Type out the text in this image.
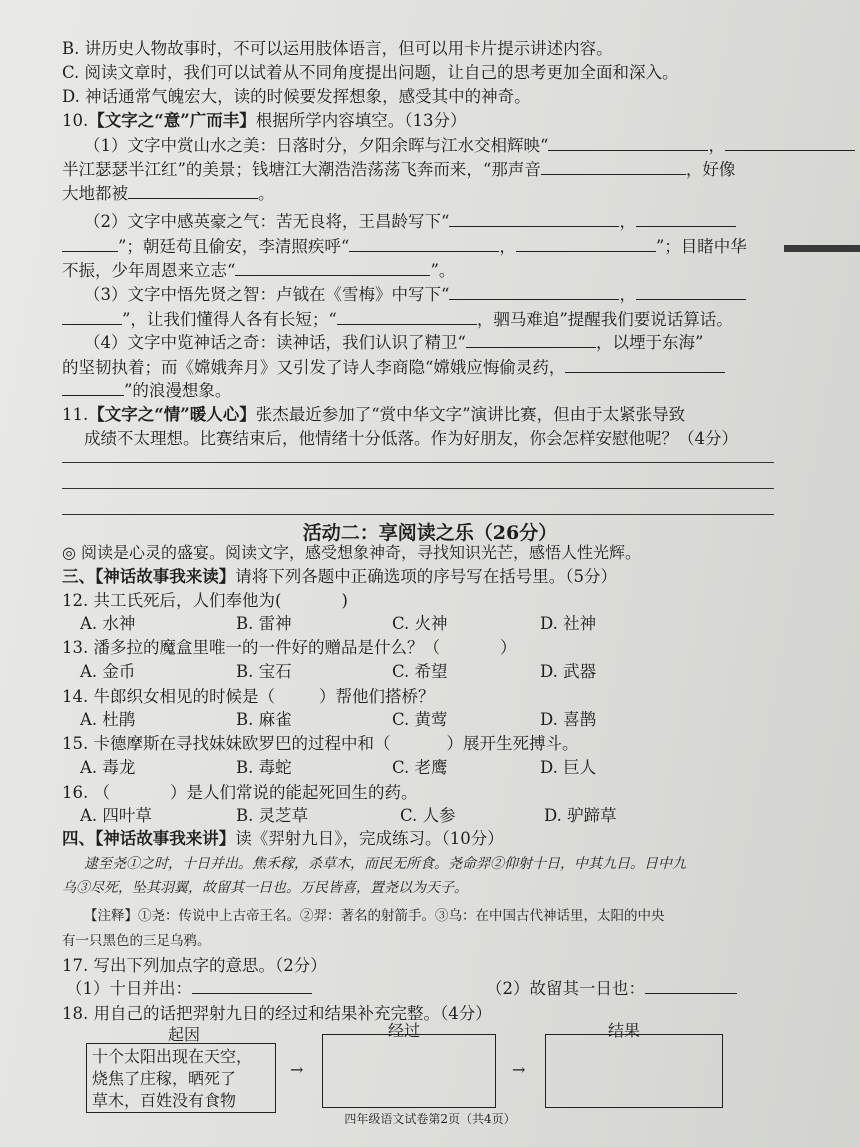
B. 讲历史人物故事时，不可以运用肢体语言，但可以用卡片提示讲述内容。
C. 阅读文章时，我们可以试着从不同角度提出问题，让自己的思考更加全面和深入。
D. 神话通常气魄宏大，读的时候要发挥想象，感受其中的神奇。
10.【文字之“意”广而丰】根据所学内容填空。（13分）
（1）文字中赏山水之美：日落时分，夕阳余晖与江水交相辉映“	，
半江瑟瑟半江红”的美景；钱塘江大潮浩浩荡荡飞奔而来，“那声音	，好像
大地都被	。
（2）文字中感英豪之气：苦无良将，王昌龄写下“	，
”；朝廷苟且偷安，李清照疾呼“	，	”；目睹中华
不振，少年周恩来立志“	”。
（3）文字中悟先贤之智：卢钺在《雪梅》中写下“	，
”，让我们懂得人各有长短；“	，驷马难追”提醒我们要说话算话。
（4）文字中览神话之奇：读神话，我们认识了精卫“	，以堙于东海”
的坚韧执着；而《嫦娥奔月》又引发了诗人李商隐“嫦娥应悔偷灵药，
”的浪漫想象。
11.【文字之“情”暖人心】张杰最近参加了“赏中华文字”演讲比赛，但由于太紧张导致
成绩不太理想。比赛结束后，他情绪十分低落。作为好朋友，你会怎样安慰他呢？（4分）
活动二：享阅读之乐（26分）
◎ 阅读是心灵的盛宴。阅读文字，感受想象神奇，寻找知识光芒，感悟人性光辉。
三、【神话故事我来读】请将下列各题中正确选项的序号写在括号里。（5分）
12. 共工氏死后，人们奉他为(	)
A. 水神	B. 雷神	C. 火神	D. 社神
13. 潘多拉的魔盒里唯一的一件好的赠品是什么？（	）
A. 金币	B. 宝石	C. 希望	D. 武器
14. 牛郎织女相见的时候是（	）帮他们搭桥？
A. 杜鹃	B. 麻雀	C. 黄莺	D. 喜鹊
15. 卡德摩斯在寻找妹妹欧罗巴的过程中和（	）展开生死搏斗。
A. 毒龙	B. 毒蛇	C. 老鹰	D. 巨人
16. （	）是人们常说的能起死回生的药。
A. 四叶草	B. 灵芝草	C. 人参	D. 驴蹄草
四、【神话故事我来讲】读《羿射九日》，完成练习。（10分）
逮至尧①之时，十日并出。焦禾稼，杀草木，而民无所食。尧命羿②仰射十日，中其九日。日中九
乌③尽死，坠其羽翼，故留其一日也。万民皆喜，置尧以为天子。
【注释】①尧：传说中上古帝王名。②羿：著名的射箭手。③乌：在中国古代神话里，太阳的中央
有一只黑色的三足乌鸦。
17. 写出下列加点字的意思。（2分）
（1）十日并出：	（2）故留其一日也：
18. 用自己的话把羿射九日的经过和结果补充完整。（4分）
起因	经过	结果
十个太阳出现在天空，
烧焦了庄稼，晒死了
草木，百姓没有食物
→	→
四年级语文试卷第2页（共4页）
